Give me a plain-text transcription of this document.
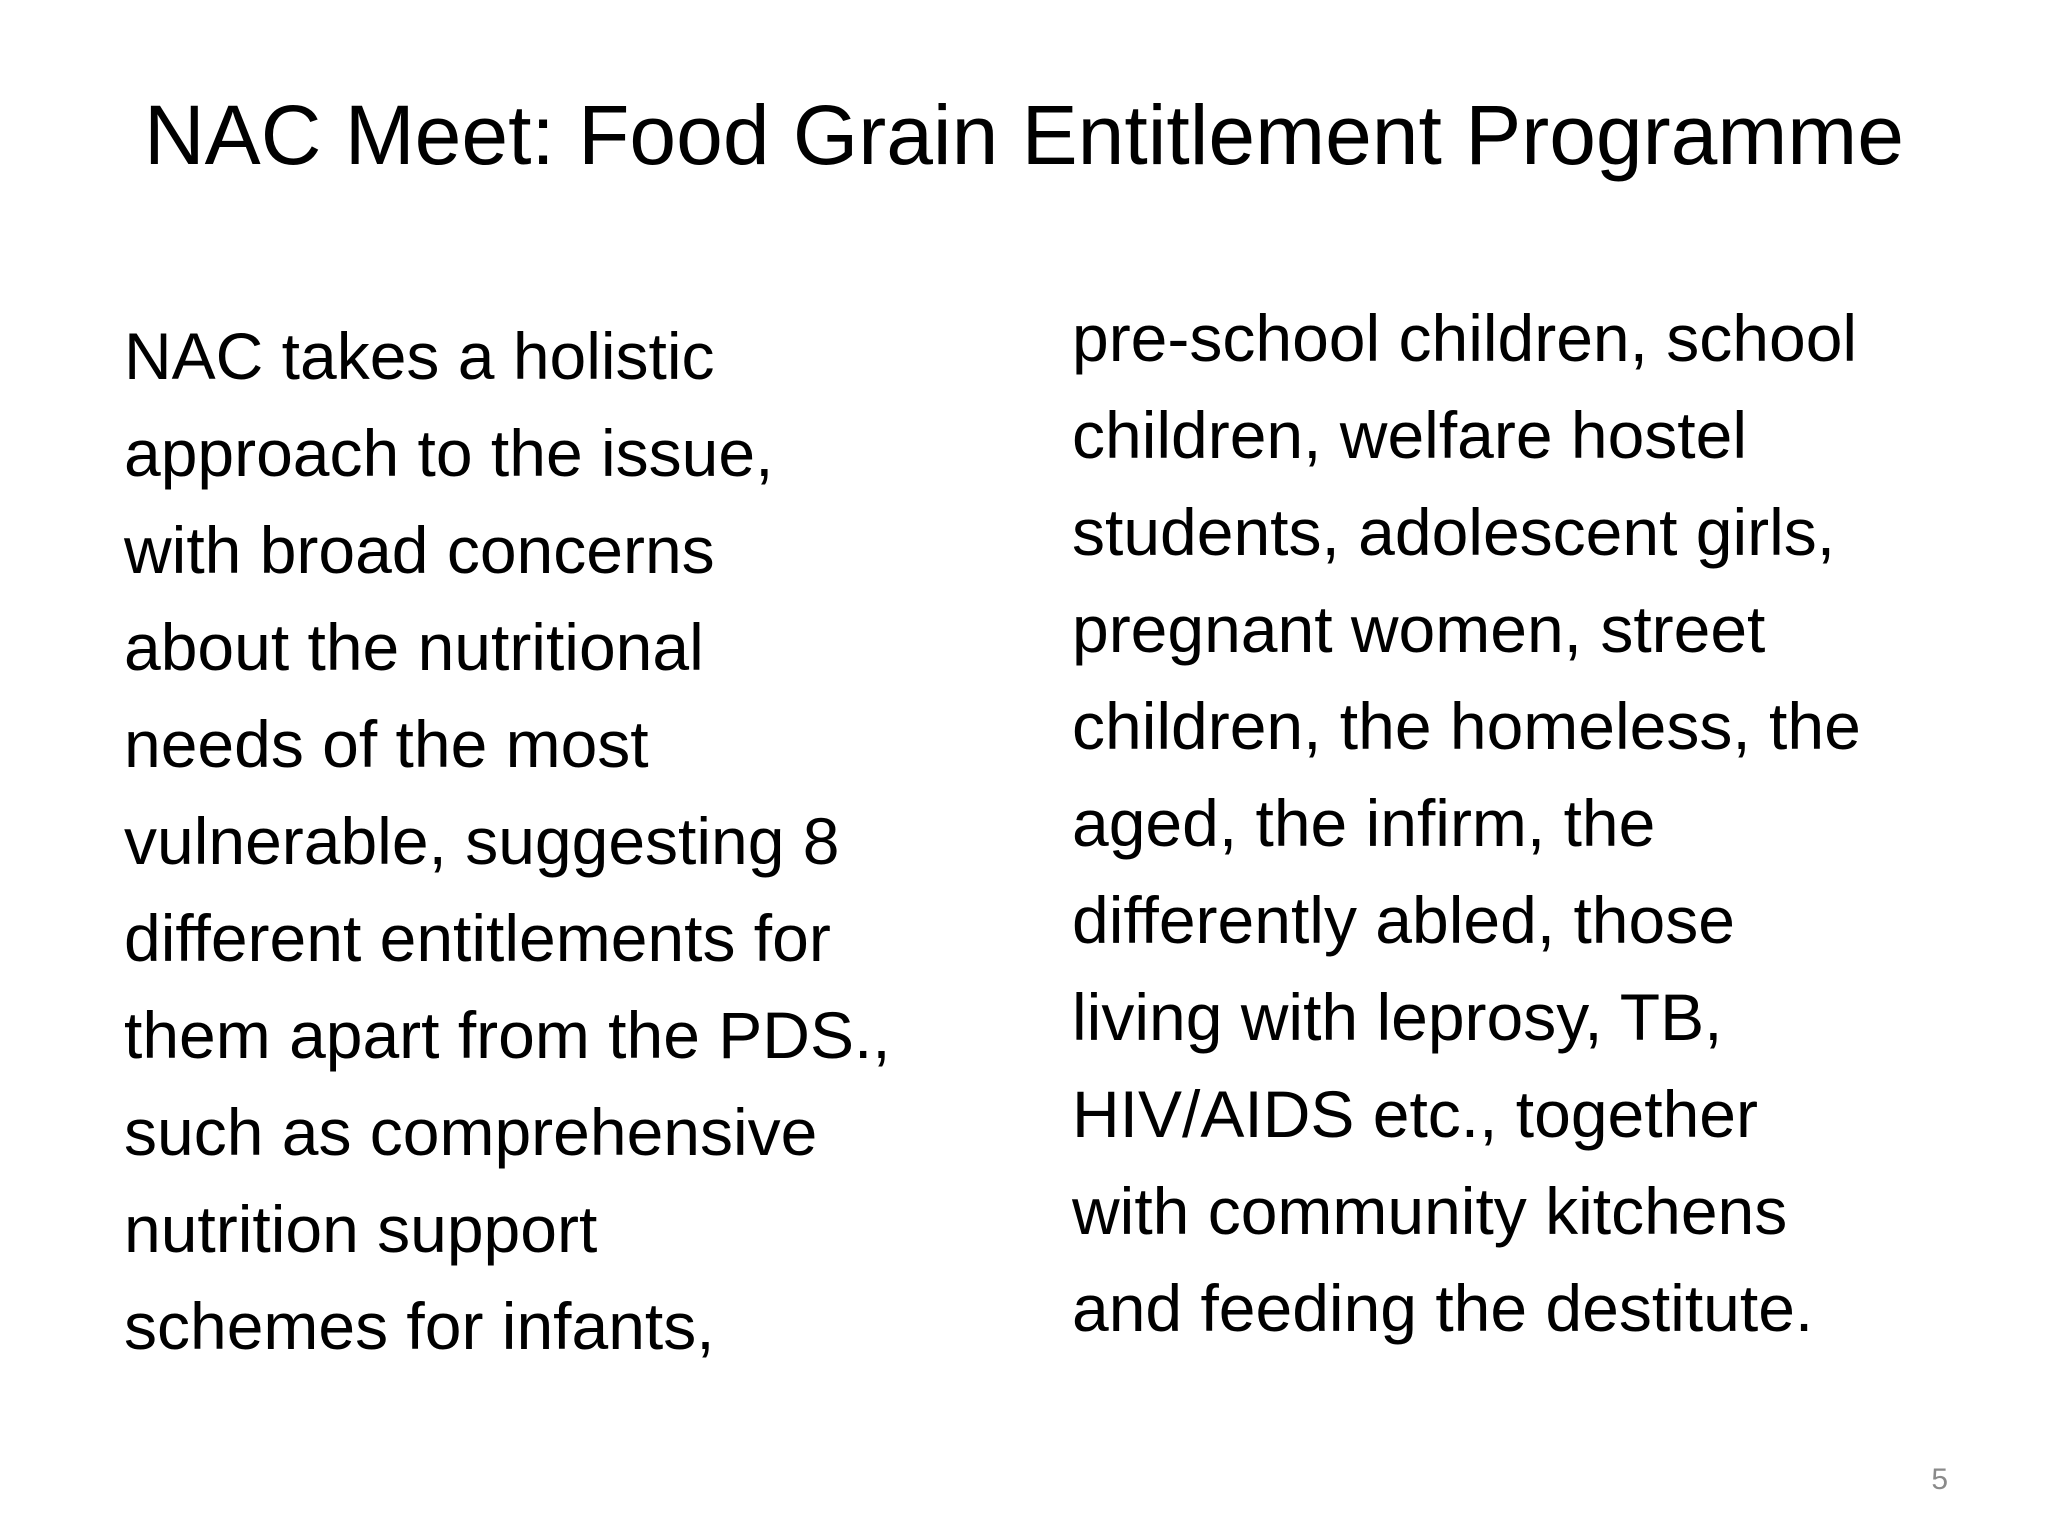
NAC Meet: Food Grain Entitlement Programme
NAC takes a holistic
approach to the issue,
with broad concerns
about the nutritional
needs of the most
vulnerable, suggesting 8
different entitlements for
them apart from the PDS.,
such as comprehensive
nutrition support
schemes for infants,
pre-school children, school
children, welfare hostel
students, adolescent girls,
pregnant women, street
children, the homeless, the
aged, the infirm, the
differently abled, those
living with leprosy, TB,
HIV/AIDS etc., together
with community kitchens
and feeding the destitute.
5
